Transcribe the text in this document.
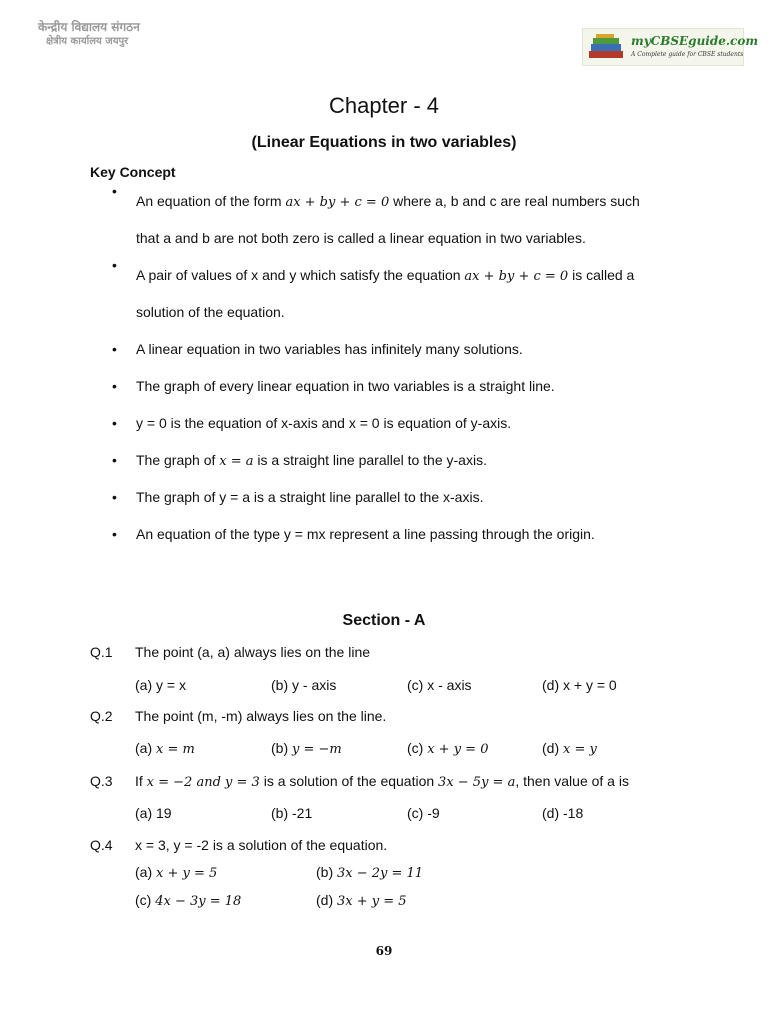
केन्द्रीय विद्यालय संगठन
क्षेत्रीय कार्यालय जयपुर	myCBSEguide.com
A Complete guide for CBSE students
Chapter - 4
(Linear Equations in two variables)
Key Concept
• An equation of the form ax + by + c = 0 where a, b and c are real numbers such
that a and b are not both zero is called a linear equation in two variables.
• A pair of values of x and y which satisfy the equation ax + by + c = 0 is called a
solution of the equation.
• A linear equation in two variables has infinitely many solutions.
• The graph of every linear equation in two variables is a straight line.
• y = 0 is the equation of x-axis and x = 0 is equation of y-axis.
• The graph of x = a is a straight line parallel to the y-axis.
• The graph of y = a is a straight line parallel to the x-axis.
• An equation of the type y = mx represent a line passing through the origin.
Section - A
Q.1 The point (a, a) always lies on the line
(a) y = x	(b) y - axis	(c) x - axis	(d) x + y = 0
Q.2 The point (m, -m) always lies on the line.
(a) x = m	(b) y = −m	(c) x + y = 0	(d) x = y
Q.3 If x = −2 and y = 3 is a solution of the equation 3x − 5y = a, then value of a is
(a) 19	(b) -21	(c) -9	(d) -18
Q.4 x = 3, y = -2 is a solution of the equation.
(a) x + y = 5	(b) 3x − 2y = 11
(c) 4x − 3y = 18	(d) 3x + y = 5
69
